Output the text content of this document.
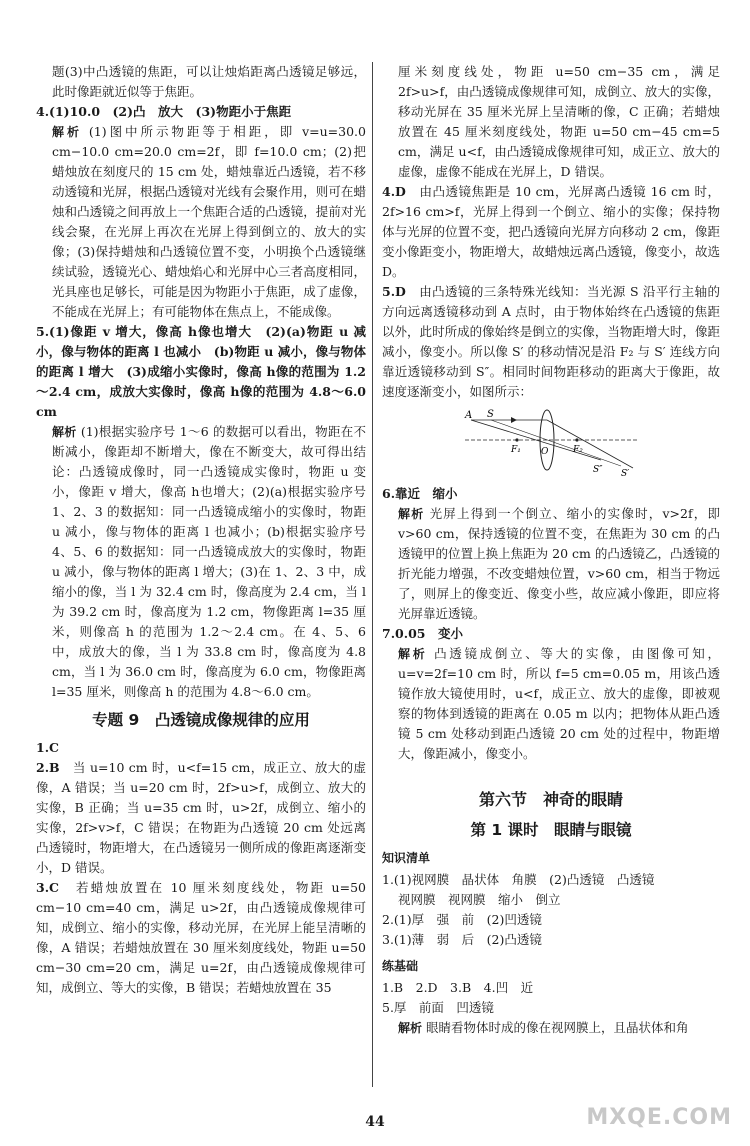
题(3)中凸透镜的焦距，可以让烛焰距离凸透镜足够远，此时像距就近似等于焦距。

4.(1)10.0　(2)凸　放大　(3)物距小于焦距

解析 (1)图中所示物距等于相距，即 v=u=30.0 cm−10.0 cm=20.0 cm=2f，即 f=10.0 cm；(2)把蜡烛放在刻度尺的 15 cm 处，蜡烛靠近凸透镜，若不移动透镜和光屏，根据凸透镜对光线有会聚作用，则可在蜡烛和凸透镜之间再放上一个焦距合适的凸透镜，提前对光线会聚，在光屏上再次在光屏上得到倒立的、放大的实像；(3)保持蜡烛和凸透镜位置不变，小明换个凸透镜继续试验，透镜光心、蜡烛焰心和光屏中心三者高度相同，光具座也足够长，可能是因为物距小于焦距，成了虚像，不能成在光屏上；有可能物体在焦点上，不能成像。

5.(1)像距 v 增大，像高 h像也增大　(2)(a)物距 u 减小，像与物体的距离 l 也减小　(b)物距 u 减小，像与物体的距离 l 增大　(3)成缩小实像时，像高 h像的范围为 1.2～2.4 cm，成放大实像时，像高 h像的范围为 4.8～6.0 cm

解析 (1)根据实验序号 1～6 的数据可以看出，物距在不断减小，像距却不断增大，像在不断变大，故可得出结论：凸透镜成像时，同一凸透镜成实像时，物距 u 变小，像距 v 增大，像高 h也增大；(2)(a)根据实验序号 1、2、3 的数据知：同一凸透镜成缩小的实像时，物距 u 减小，像与物体的距离 l 也减小；(b)根据实验序号 4、5、6 的数据知：同一凸透镜成放大的实像时，物距 u 减小，像与物体的距离 l 增大；(3)在 1、2、3 中，成缩小的像，当 l 为 32.4 cm 时，像高度为 2.4 cm，当 l 为 39.2 cm 时，像高度为 1.2 cm，物像距离 l=35 厘米，则像高 h 的范围为 1.2～2.4 cm。在 4、5、6 中，成放大的像，当 l 为 33.8 cm 时，像高度为 4.8 cm，当 l 为 36.0 cm 时，像高度为 6.0 cm，物像距离 l=35 厘米，则像高 h 的范围为 4.8～6.0 cm。

专题 9　凸透镜成像规律的应用

1.C

2.B　 当 u=10 cm 时，u<f=15 cm，成正立、放大的虚像，A 错误；当 u=20 cm 时，2f>u>f，成倒立、放大的实像，B 正确；当 u=35 cm 时，u>2f，成倒立、缩小的实像，2f>v>f，C 错误；在物距为凸透镜 20 cm 处远离凸透镜时，物距增大，在凸透镜另一侧所成的像距离逐渐变小，D 错误。

3.C　 若蜡烛放置在 10 厘米刻度线处，物距 u=50 cm−10 cm=40 cm，满足 u>2f，由凸透镜成像规律可知，成倒立、缩小的实像，移动光屏，在光屏上能呈清晰的像，A 错误；若蜡烛放置在 30 厘米刻度线处，物距 u=50 cm−30 cm=20 cm，满足 u=2f，由凸透镜成像规律可知，成倒立、等大的实像，B 错误；若蜡烛放置在 35

厘米刻度线处，物距 u=50 cm−35 cm，满足 2f>u>f，由凸透镜成像规律可知，成倒立、放大的实像，移动光屏在 35 厘米光屏上呈清晰的像，C 正确；若蜡烛放置在 45 厘米刻度线处，物距 u=50 cm−45 cm=5 cm，满足 u<f，由凸透镜成像规律可知，成正立、放大的虚像，虚像不能成在光屏上，D 错误。

4.D　 由凸透镜焦距是 10 cm，光屏离凸透镜 16 cm 时，2f>16 cm>f，光屏上得到一个倒立、缩小的实像；保持物体与光屏的位置不变，把凸透镜向光屏方向移动 2 cm，像距变小像距变小，物距增大，故蜡烛远离凸透镜，像变小，故选 D。

5.D　 由凸透镜的三条特殊光线知：当光源 S 沿平行主轴的方向远离透镜移动到 A 点时，由于物体始终在凸透镜的焦距以外，此时所成的像始终是倒立的实像，当物距增大时，像距减小，像变小。所以像 S′ 的移动情况是沿 F₂ 与 S′ 连线方向靠近透镜移动到 S″。相同时间物距移动的距离大于像距，故速度逐渐变小，如图所示：

A S
F₁ O	F₂
S″ S′

6.靠近　缩小

解析 光屏上得到一个倒立、缩小的实像时，v>2f，即 v>60 cm，保持透镜的位置不变，在焦距为 30 cm 的凸透镜甲的位置上换上焦距为 20 cm 的凸透镜乙，凸透镜的折光能力增强，不改变蜡烛位置，v>60 cm，相当于物远了，则屏上的像变近、像变小些，故应减小像距，即应将光屏靠近透镜。

7.0.05　变小

解析 凸透镜成倒立、等大的实像，由图像可知，u=v=2f=10 cm 时，所以 f=5 cm=0.05 m，用该凸透镜作放大镜使用时，u<f，成正立、放大的虚像，即被观察的物体到透镜的距离在 0.05 m 以内；把物体从距凸透镜 5 cm 处移动到距凸透镜 20 cm 处的过程中，物距增大，像距减小，像变小。

第六节　神奇的眼睛
第 1 课时　眼睛与眼镜
知识清单

1.(1)视网膜　晶状体　角膜　(2)凸透镜　凸透镜

视网膜　视网膜　缩小　倒立

2.(1)厚　强　前　(2)凹透镜

3.(1)薄　弱　后　(2)凸透镜

练基础

1.B　2.D　3.B　4.凹　近

5.厚　前面　凹透镜

解析 眼睛看物体时成的像在视网膜上，且晶状体和角

44	MXQE.COM
